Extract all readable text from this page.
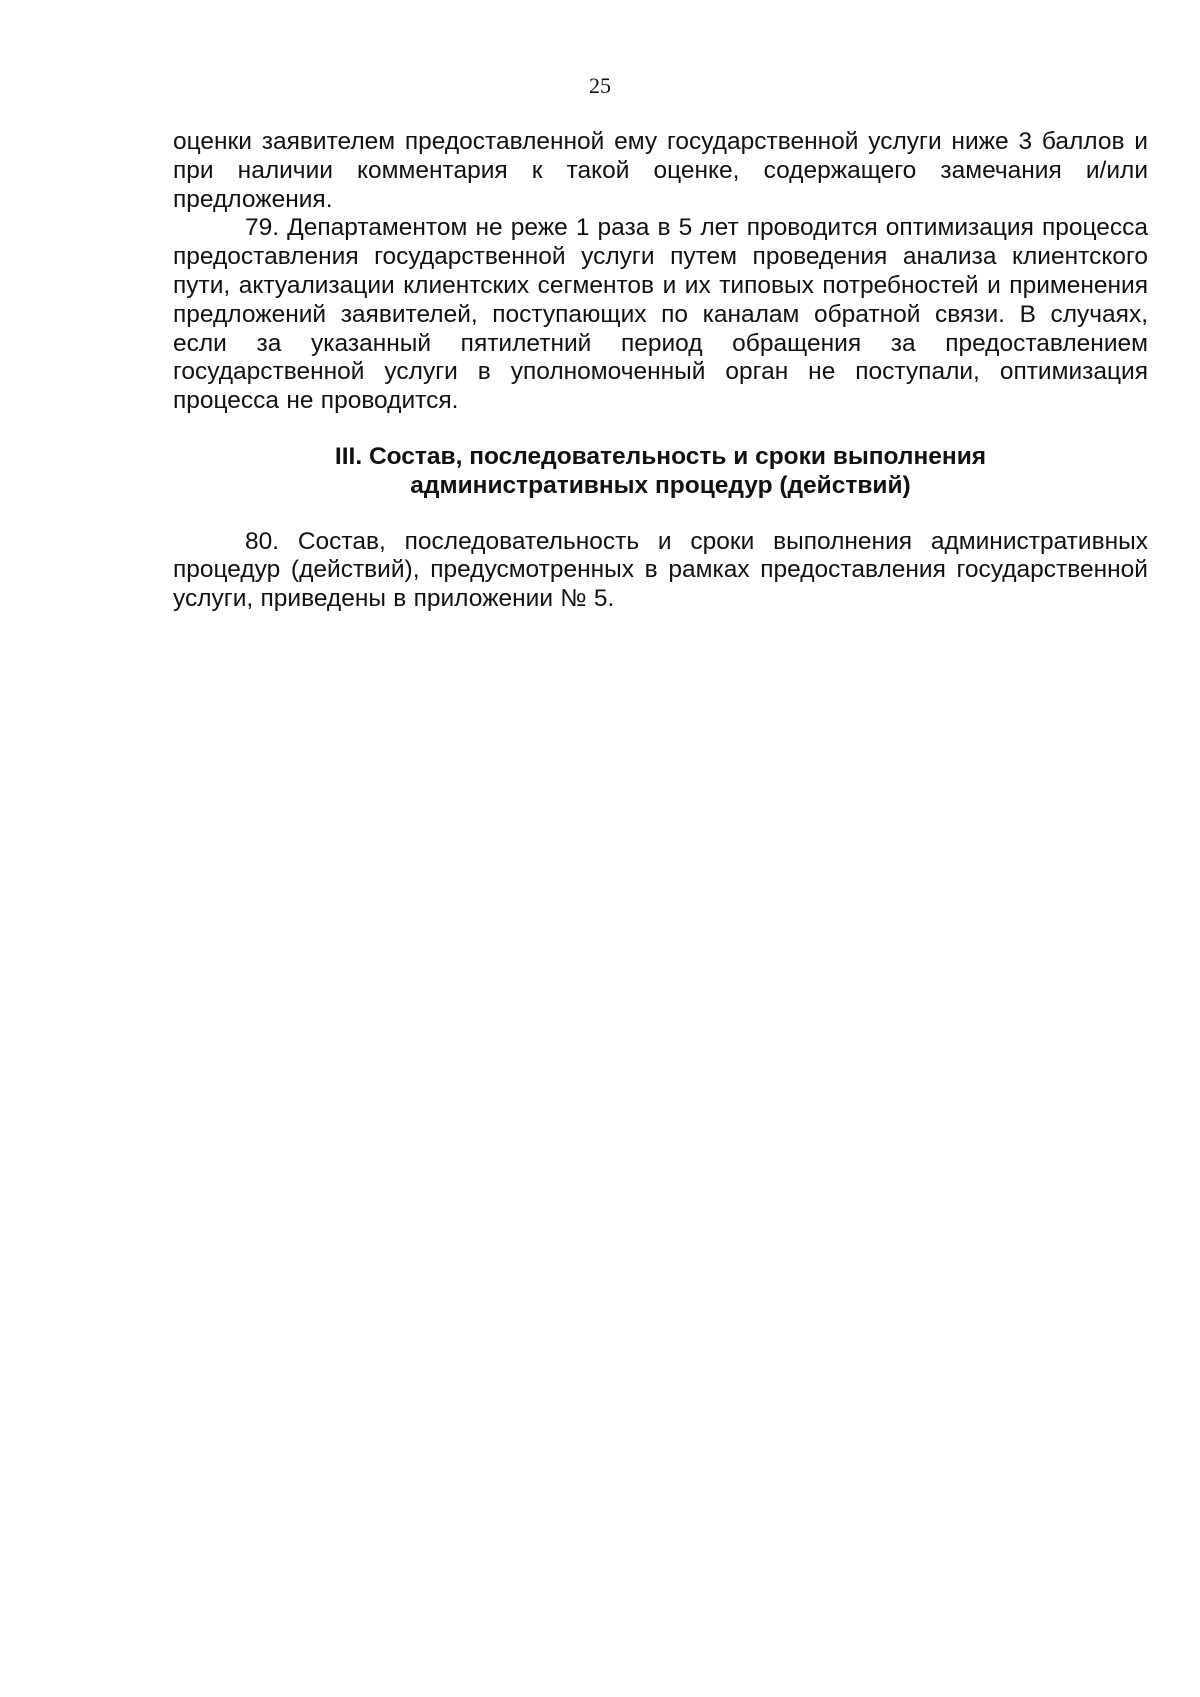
25

оценки заявителем предоставленной ему государственной услуги ниже 3 баллов и при наличии комментария к такой оценке, содержащего замечания и/или предложения.

79. Департаментом не реже 1 раза в 5 лет проводится оптимизация процесса предоставления государственной услуги путем проведения анализа клиентского пути, актуализации клиентских сегментов и их типовых потребностей и применения предложений заявителей, поступающих по каналам обратной связи. В случаях, если за указанный пятилетний период обращения за предоставлением государственной услуги в уполномоченный орган не поступали, оптимизация процесса не проводится.

III. Состав, последовательность и сроки выполнения
административных процедур (действий)

80. Состав, последовательность и сроки выполнения административных процедур (действий), предусмотренных в рамках предоставления государственной услуги, приведены в приложении № 5.
